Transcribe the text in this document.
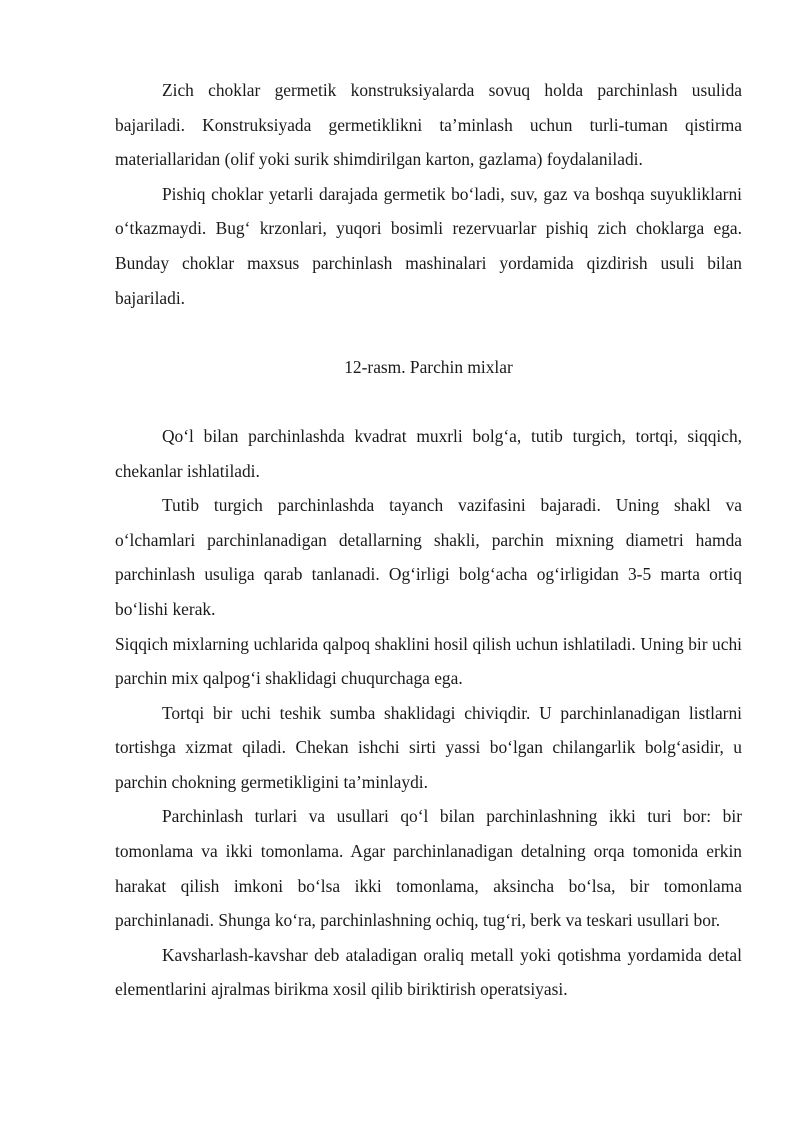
Zich choklar germetik konstruksiyalarda sovuq holda parchinlash usulida bajariladi. Konstruksiyada germetiklikni ta’minlash uchun turli-tuman qistirma materiallaridan (olif yoki surik shimdirilgan karton, gazlama) foydalaniladi.

Pishiq choklar yetarli darajada germetik bo‘ladi, suv, gaz va boshqa suyukliklarni o‘tkazmaydi. Bug‘ krzonlari, yuqori bosimli rezervuarlar pishiq zich choklarga ega. Bunday choklar maxsus parchinlash mashinalari yordamida qizdirish usuli bilan bajariladi.

12-rasm. Parchin mixlar

Qo‘l bilan parchinlashda kvadrat muxrli bolg‘a, tutib turgich, tortqi, siqqich, chekanlar ishlatiladi.

Tutib turgich parchinlashda tayanch vazifasini bajaradi. Uning shakl va o‘lchamlari parchinlanadigan detallarning shakli, parchin mixning diametri hamda parchinlash usuliga qarab tanlanadi. Og‘irligi bolg‘acha og‘irligidan 3-5 marta ortiq bo‘lishi kerak.

Siqqich mixlarning uchlarida qalpoq shaklini hosil qilish uchun ishlatiladi. Uning bir uchi parchin mix qalpog‘i shaklidagi chuqurchaga ega.

Tortqi bir uchi teshik sumba shaklidagi chiviqdir. U parchinlanadigan listlarni tortishga xizmat qiladi. Chekan ishchi sirti yassi bo‘lgan chilangarlik bolg‘asidir, u parchin chokning germetikligini ta’minlaydi.

Parchinlash turlari va usullari qo‘l bilan parchinlashning ikki turi bor: bir tomonlama va ikki tomonlama. Agar parchinlanadigan detalning orqa tomonida erkin harakat qilish imkoni bo‘lsa ikki tomonlama, aksincha bo‘lsa, bir tomonlama parchinlanadi. Shunga ko‘ra, parchinlashning ochiq, tug‘ri, berk va teskari usullari bor.

Kavsharlash-kavshar deb ataladigan oraliq metall yoki qotishma yordamida detal elementlarini ajralmas birikma xosil qilib biriktirish operatsiyasi.
